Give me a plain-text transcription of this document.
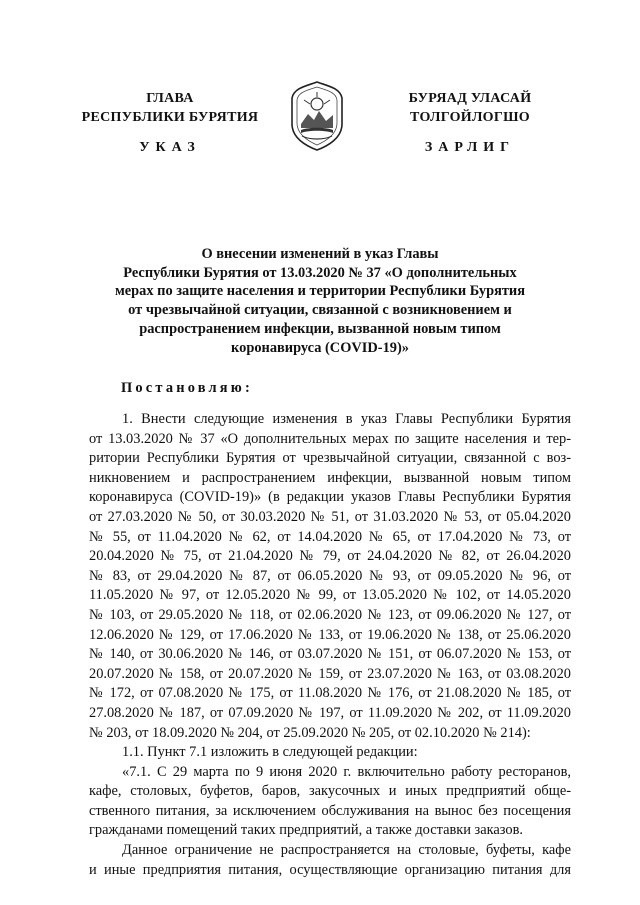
ГЛАВА
РЕСПУБЛИКИ БУРЯТИЯ
БУРЯАД УЛАСАЙ
ТОЛГОЙЛОГШО
УКАЗ	ЗАРЛИГ
О внесении изменений в указ Главы
Республики Бурятия от 13.03.2020 № 37 «О дополнительных
мерах по защите населения и территории Республики Бурятия
от чрезвычайной ситуации, связанной с возникновением и
распространением инфекции, вызванной новым типом
коронавируса (COVID-19)»
Постановляю:
1. Внести следующие изменения в указ Главы Республики Бурятия
от 13.03.2020 № 37 «О дополнительных мерах по защите населения и тер-
ритории Республики Бурятия от чрезвычайной ситуации, связанной с воз-
никновением и распространением инфекции, вызванной новым типом
коронавируса (COVID-19)» (в редакции указов Главы Республики Бурятия
от 27.03.2020 № 50, от 30.03.2020 № 51, от 31.03.2020 № 53, от 05.04.2020
№ 55, от 11.04.2020 № 62, от 14.04.2020 № 65, от 17.04.2020 № 73, от
20.04.2020 № 75, от 21.04.2020 № 79, от 24.04.2020 № 82, от 26.04.2020
№ 83, от 29.04.2020 № 87, от 06.05.2020 № 93, от 09.05.2020 № 96, от
11.05.2020 № 97, от 12.05.2020 № 99, от 13.05.2020 № 102, от 14.05.2020
№ 103, от 29.05.2020 № 118, от 02.06.2020 № 123, от 09.06.2020 № 127, от
12.06.2020 № 129, от 17.06.2020 № 133, от 19.06.2020 № 138, от 25.06.2020
№ 140, от 30.06.2020 № 146, от 03.07.2020 № 151, от 06.07.2020 № 153, от
20.07.2020 № 158, от 20.07.2020 № 159, от 23.07.2020 № 163, от 03.08.2020
№ 172, от 07.08.2020 № 175, от 11.08.2020 № 176, от 21.08.2020 № 185, от
27.08.2020 № 187, от 07.09.2020 № 197, от 11.09.2020 № 202, от 11.09.2020
№ 203, от 18.09.2020 № 204, от 25.09.2020 № 205, от 02.10.2020 № 214):
1.1. Пункт 7.1 изложить в следующей редакции:
«7.1. С 29 марта по 9 июня 2020 г. включительно работу ресторанов,
кафе, столовых, буфетов, баров, закусочных и иных предприятий обще-
ственного питания, за исключением обслуживания на вынос без посещения
гражданами помещений таких предприятий, а также доставки заказов.
Данное ограничение не распространяется на столовые, буфеты, кафе
и иные предприятия питания, осуществляющие организацию питания для
